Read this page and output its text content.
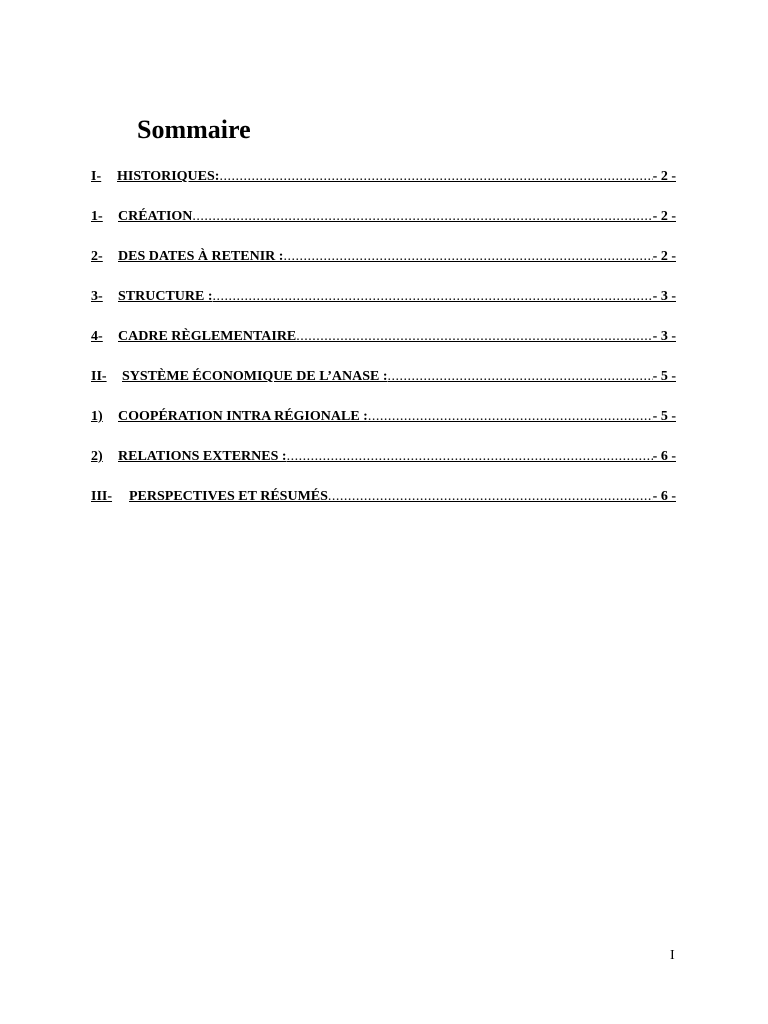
Sommaire
I-	HISTORIQUES: .....	- 2 -
1-	CRÉATION .....	- 2 -
2-	DES DATES À RETENIR : .....	- 2 -
3-	STRUCTURE : .....	- 3 -
4-	CADRE RÈGLEMENTAIRE .....	- 3 -
II-	SYSTÈME ÉCONOMIQUE DE L’ANASE : .....	- 5 -
1)	COOPÉRATION INTRA RÉGIONALE : .....	- 5 -
2)	RELATIONS EXTERNES : .....	- 6 -
III-	PERSPECTIVES ET RÉSUMÉS .....	- 6 -
I
